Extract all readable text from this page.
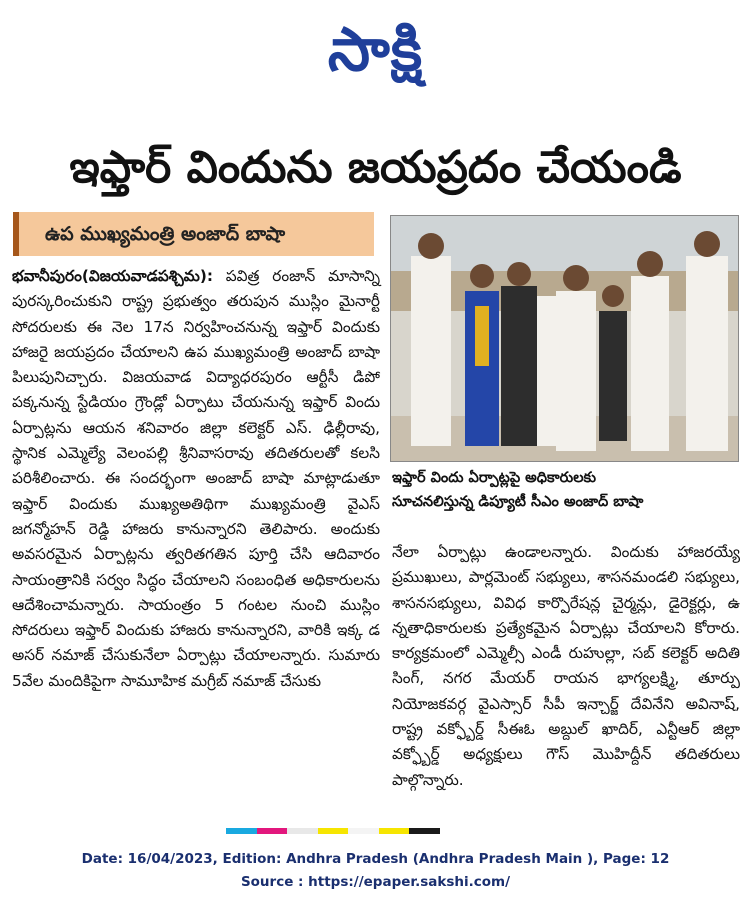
సాక్షి
ఇఫ్తార్ విందును జయప్రదం చేయండి
ఉప ముఖ్యమంత్రి అంజాద్ బాషా

భవానీపురం(విజయవాడపశ్చిమ): పవిత్ర రంజాన్ మాసాన్ని పురస్కరించుకుని రాష్ట్ర ప్రభుత్వం తరుపున ముస్లిం మైనార్టీ సోదరులకు ఈ నెల 17న నిర్వహించనున్న ఇఫ్తార్ విందుకు హాజరై జయప్రదం చేయాలని ఉప ముఖ్యమంత్రి అంజాద్ బాషా పిలుపునిచ్చారు. విజయవాడ విద్యాధరపురం ఆర్టీసీ డిపో పక్కనున్న స్టేడియం గ్రౌండ్లో ఏర్పాటు చేయనున్న ఇఫ్తార్ విందు ఏర్పాట్లను ఆయన శనివారం జిల్లా కలెక్టర్ ఎస్. ఢిల్లీరావు, స్థానిక ఎమ్మెల్యే వెలంపల్లి శ్రీనివాసరావు తదితరులతో కలసి పరిశీలించారు. ఈ సందర్భంగా అంజాద్ బాషా మాట్లాడుతూ ఇఫ్తార్ విందుకు ముఖ్యఅతిథిగా ముఖ్యమంత్రి వైఎస్ జగన్మోహన్ రెడ్డి హాజరు కానున్నారని తెలిపారు. అందుకు అవసరమైన ఏర్పాట్లను త్వరితగతిన పూర్తి చేసి ఆదివారం సాయంత్రానికి సర్వం సిద్ధం చేయాలని సంబంధిత అధికారులను ఆదేశించామన్నారు. సాయంత్రం 5 గంటల నుంచి ముస్లిం సోదరులు ఇఫ్తార్ విందుకు హాజరు కానున్నారని, వారికి ఇక్క డ అసర్ నమాజ్ చేసుకునేలా ఏర్పాట్లు చేయాలన్నారు. సుమారు 5వేల మందికిపైగా సామూహిక మగ్రీబ్ నమాజ్ చేసుకు

ఇఫ్తార్ విందు ఏర్పాట్లపై అధికారులకు
సూచనలిస్తున్న డిప్యూటీ సీఎం అంజాద్ బాషా

నేలా ఏర్పాట్లు ఉండాలన్నారు. విందుకు హాజరయ్యే ప్రముఖులు, పార్లమెంట్ సభ్యులు, శాసనమండలి సభ్యులు, శాసనసభ్యులు, వివిధ కార్పొరేషన్ల చైర్మన్లు, డైరెక్టర్లు, ఉ న్నతాధికారులకు ప్రత్యేకమైన ఏర్పాట్లు చేయాలని కోరారు. కార్యక్రమంలో ఎమ్మెల్సీ ఎండీ రుహుల్లా, సబ్ కలెక్టర్ అదితి సింగ్, నగర మేయర్ రాయన భాగ్యలక్ష్మి, తూర్పు నియోజకవర్గ వైఎస్సార్ సీపీ ఇన్చార్జ్ దేవినేని అవినాష్, రాష్ట్ర వక్ఫ్బోర్డ్ సీఈఓ అబ్దుల్ ఖాదిర్, ఎన్టీఆర్ జిల్లా వక్ఫ్బోర్డ్ అధ్యక్షులు గౌస్ మొహిద్దీన్ తదితరులు పాల్గొన్నారు.

Date: 16/04/2023, Edition: Andhra Pradesh (Andhra Pradesh Main ), Page: 12
Source : https://epaper.sakshi.com/
